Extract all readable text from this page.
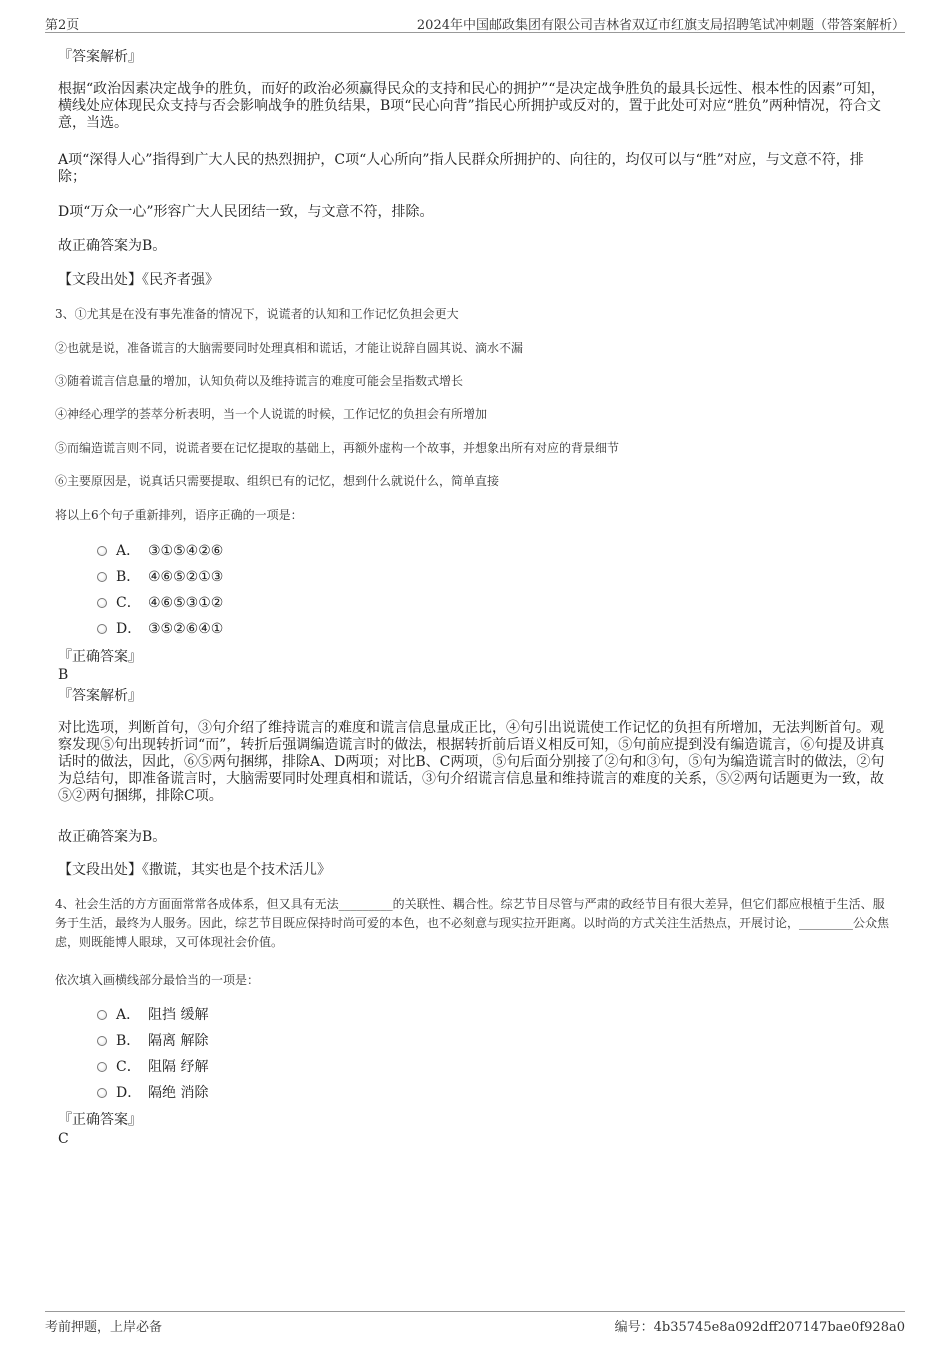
第2页	2024年中国邮政集团有限公司吉林省双辽市红旗支局招聘笔试冲刺题（带答案解析）
『答案解析』
根据“政治因素决定战争的胜负，而好的政治必须赢得民众的支持和民心的拥护”“是决定战争胜负的最具长远性、根本性的因素”可知，横线处应体现民众支持与否会影响战争的胜负结果，B项“民心向背”指民心所拥护或反对的，置于此处可对应“胜负”两种情况，符合文意，当选。
A项“深得人心”指得到广大人民的热烈拥护，C项“人心所向”指人民群众所拥护的、向往的，均仅可以与“胜”对应，与文意不符，排除；
D项“万众一心”形容广大人民团结一致，与文意不符，排除。
故正确答案为B。
【文段出处】《民齐者强》
3、①尤其是在没有事先准备的情况下，说谎者的认知和工作记忆负担会更大
②也就是说，准备谎言的大脑需要同时处理真相和谎话，才能让说辞自圆其说、滴水不漏
③随着谎言信息量的增加，认知负荷以及维持谎言的难度可能会呈指数式增长
④神经心理学的荟萃分析表明，当一个人说谎的时候，工作记忆的负担会有所增加
⑤而编造谎言则不同，说谎者要在记忆提取的基础上，再额外虚构一个故事，并想象出所有对应的背景细节
⑥主要原因是，说真话只需要提取、组织已有的记忆，想到什么就说什么，简单直接
将以上6个句子重新排列，语序正确的一项是：
A． ③①⑤④②⑥
B． ④⑥⑤②①③
C． ④⑥⑤③①②
D． ③⑤②⑥④①
『正确答案』
B
『答案解析』
对比选项，判断首句，③句介绍了维持谎言的难度和谎言信息量成正比，④句引出说谎使工作记忆的负担有所增加，无法判断首句。观察发现⑤句出现转折词“而”，转折后强调编造谎言时的做法，根据转折前后语义相反可知，⑤句前应提到没有编造谎言，⑥句提及讲真话时的做法，因此，⑥⑤两句捆绑，排除A、D两项；对比B、C两项，⑤句后面分别接了②句和③句，⑤句为编造谎言时的做法，②句为总结句，即准备谎言时，大脑需要同时处理真相和谎话，③句介绍谎言信息量和维持谎言的难度的关系，⑤②两句话题更为一致，故⑤②两句捆绑，排除C项。
故正确答案为B。
【文段出处】《撒谎，其实也是个技术活儿》
4、社会生活的方方面面常常各成体系，但又具有无法_________的关联性、耦合性。综艺节目尽管与严肃的政经节目有很大差异，但它们都应根植于生活、服务于生活，最终为人服务。因此，综艺节目既应保持时尚可爱的本色，也不必刻意与现实拉开距离。以时尚的方式关注生活热点，开展讨论，_________公众焦虑，则既能博人眼球，又可体现社会价值。
依次填入画横线部分最恰当的一项是：
A． 阻挡 缓解
B． 隔离 解除
C． 阻隔 纾解
D． 隔绝 消除
『正确答案』
C
考前押题，上岸必备	编号：4b35745e8a092dff207147bae0f928a0
